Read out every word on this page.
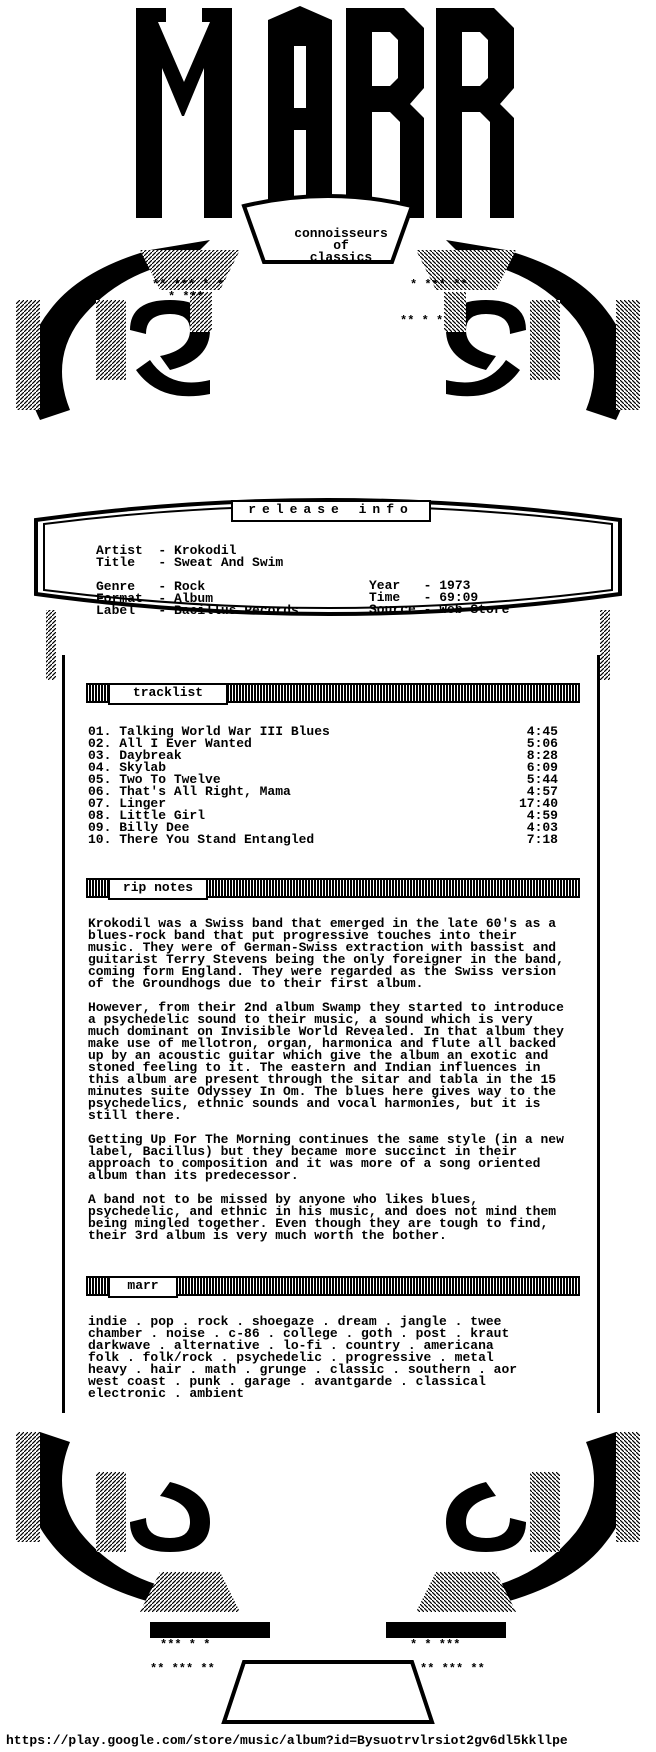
** *** * *
* ***
* *** **
** * *
connoisseurs
of
classics
release info
Artist  - Krokodil
Title   - Sweat And Swim

Genre   - Rock
Format  - Album
Label   - Bacillus Records
Year   - 1973
Time   - 69:09
Source - Web Store
tracklist
01. Talking World War III Blues	4:45
02. All I Ever Wanted	5:06
03. Daybreak	8:28
04. Skylab	6:09
05. Two To Twelve	5:44
06. That's All Right, Mama	4:57
07. Linger	17:40
08. Little Girl	4:59
09. Billy Dee	4:03
10. There You Stand Entangled	7:18
rip notes

Krokodil was a Swiss band that emerged in the late 60's as a
blues-rock band that put progressive touches into their
music. They were of German-Swiss extraction with bassist and
guitarist Terry Stevens being the only foreigner in the band,
coming form England. They were regarded as the Swiss version
of the Groundhogs due to their first album.

However, from their 2nd album Swamp they started to introduce
a psychedelic sound to their music, a sound which is very
much dominant on Invisible World Revealed. In that album they
make use of mellotron, organ, harmonica and flute all backed
up by an acoustic guitar which give the album an exotic and
stoned feeling to it. The eastern and Indian influences in
this album are present through the sitar and tabla in the 15
minutes suite Odyssey In Om. The blues here gives way to the
psychedelics, ethnic sounds and vocal harmonies, but it is
still there.

Getting Up For The Morning continues the same style (in a new
label, Bacillus) but they became more succinct in their
approach to composition and it was more of a song oriented
album than its predecessor.

A band not to be missed by anyone who likes blues,
psychedelic, and ethnic in his music, and does not mind them
being mingled together. Even though they are tough to find,
their 3rd album is very much worth the bother.

marr
indie . pop . rock . shoegaze . dream . jangle . twee
chamber . noise . c-86 . college . goth . post . kraut
darkwave . alternative . lo-fi . country . americana
folk . folk/rock . psychedelic . progressive . metal
heavy . hair . math . grunge . classic . southern . aor
west coast . punk . garage . avantgarde . classical
electronic . ambient
*** * *
** *** **
* * ***
** *** **
https://play.google.com/store/music/album?id=Bysuotrvlrsiot2gv6dl5kkllpe
